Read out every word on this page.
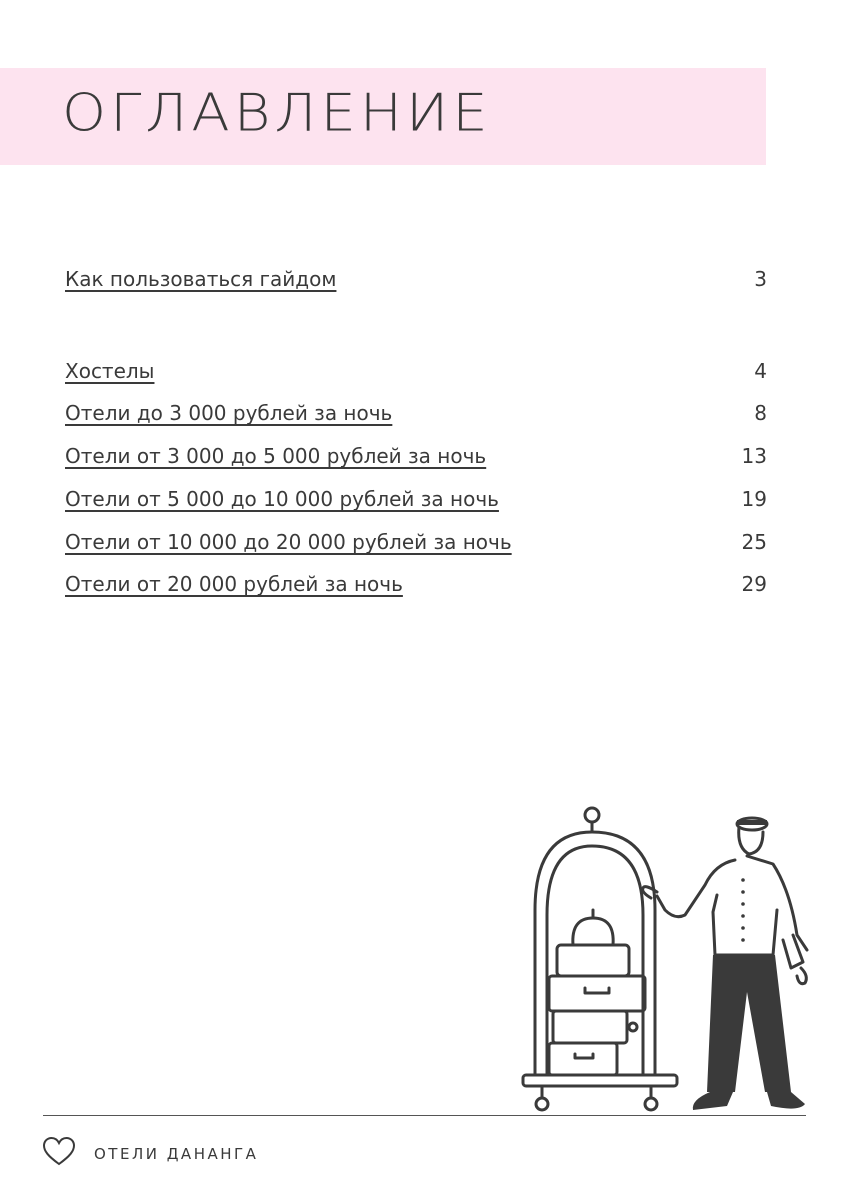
ОГЛАВЛЕНИЕ
Как пользоваться гайдом	3
Хостелы	4
Отели до 3 000 рублей за ночь	8
Отели от 3 000 до 5 000 рублей за ночь	13
Отели от 5 000 до 10 000 рублей за ночь	19
Отели от 10 000 до 20 000 рублей за ночь	25
Отели от 20 000 рублей за ночь	29
ОТЕЛИ ДАНАНГА
